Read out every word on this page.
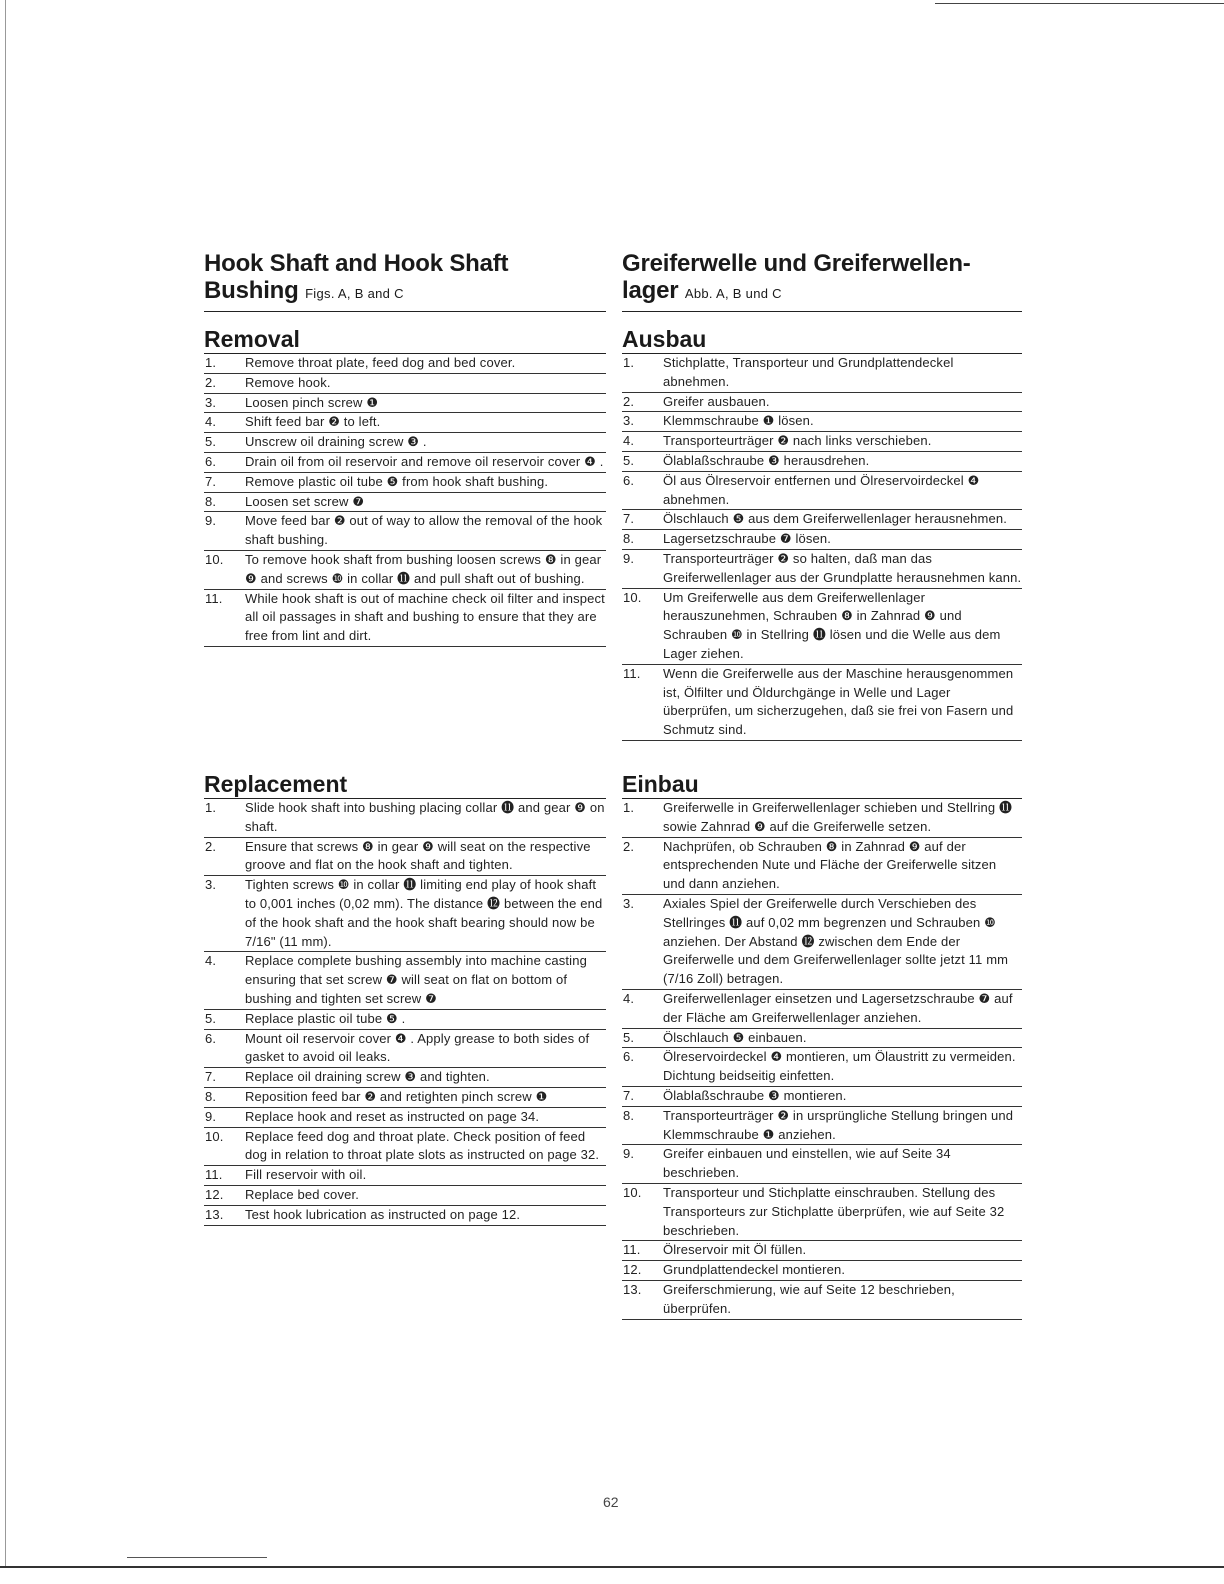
Hook Shaft and Hook Shaft
Bushing Figs. A, B and C
Removal
1.	Remove throat plate, feed dog and bed cover.
2.	Remove hook.
3.	Loosen pinch screw ❶
4.	Shift feed bar ❷ to left.
5.	Unscrew oil draining screw ❸ .
6.	Drain oil from oil reservoir and remove oil reservoir cover ❹ .
7.	Remove plastic oil tube ❺ from hook shaft bushing.
8.	Loosen set screw ❼
9.	Move feed bar ❷ out of way to allow the removal of the hook shaft bushing.
10.	To remove hook shaft from bushing loosen screws ❽ in gear ❾ and screws ❿ in collar ⓫ and pull shaft out of bushing.
11.	While hook shaft is out of machine check oil filter and inspect all oil passages in shaft and bushing to ensure that they are free from lint and dirt.
Replacement
1.	Slide hook shaft into bushing placing collar ⓫ and gear ❾ on shaft.
2.	Ensure that screws ❽ in gear ❾ will seat on the respective groove and flat on the hook shaft and tighten.
3.	Tighten screws ❿ in collar ⓫ limiting end play of hook shaft to 0,001 inches (0,02 mm). The distance ⓬ between the end of the hook shaft and the hook shaft bearing should now be 7/16" (11 mm).
4.	Replace complete bushing assembly into machine casting ensuring that set screw ❼ will seat on flat on bottom of bushing and tighten set screw ❼
5.	Replace plastic oil tube ❺ .
6.	Mount oil reservoir cover ❹ . Apply grease to both sides of gasket to avoid oil leaks.
7.	Replace oil draining screw ❸ and tighten.
8.	Reposition feed bar ❷ and retighten pinch screw ❶
9.	Replace hook and reset as instructed on page 34.
10.	Replace feed dog and throat plate. Check position of feed dog in relation to throat plate slots as instructed on page 32.
11.	Fill reservoir with oil.
12.	Replace bed cover.
13.	Test hook lubrication as instructed on page 12.
Greiferwelle und Greiferwellen-
lager Abb. A, B und C
Ausbau
1.	Stichplatte, Transporteur und Grundplattendeckel abnehmen.
2.	Greifer ausbauen.
3.	Klemmschraube ❶ lösen.
4.	Transporteurträger ❷ nach links verschieben.
5.	Ölablaßschraube ❸ herausdrehen.
6.	Öl aus Ölreservoir entfernen und Ölreservoirdeckel ❹ abnehmen.
7.	Ölschlauch ❺ aus dem Greiferwellenlager herausnehmen.
8.	Lagersetzschraube ❼ lösen.
9.	Transporteurträger ❷ so halten, daß man das Greiferwellenlager aus der Grundplatte herausnehmen kann.
10.	Um Greiferwelle aus dem Greiferwellenlager herauszunehmen, Schrauben ❽ in Zahnrad ❾ und Schrauben ❿ in Stellring ⓫ lösen und die Welle aus dem Lager ziehen.
11.	Wenn die Greiferwelle aus der Maschine herausgenommen ist, Ölfilter und Öldurchgänge in Welle und Lager überprüfen, um sicherzugehen, daß sie frei von Fasern und Schmutz sind.
Einbau
1.	Greiferwelle in Greiferwellenlager schieben und Stellring ⓫ sowie Zahnrad ❾ auf die Greiferwelle setzen.
2.	Nachprüfen, ob Schrauben ❽ in Zahnrad ❾ auf der entsprechenden Nute und Fläche der Greiferwelle sitzen und dann anziehen.
3.	Axiales Spiel der Greiferwelle durch Verschieben des Stellringes ⓫ auf 0,02 mm begrenzen und Schrauben ❿ anziehen. Der Abstand ⓬ zwischen dem Ende der Greiferwelle und dem Greiferwellenlager sollte jetzt 11 mm (7/16 Zoll) betragen.
4.	Greiferwellenlager einsetzen und Lagersetzschraube ❼ auf der Fläche am Greiferwellenlager anziehen.
5.	Ölschlauch ❺ einbauen.
6.	Ölreservoirdeckel ❹ montieren, um Ölaustritt zu vermeiden. Dichtung beidseitig einfetten.
7.	Ölablaßschraube ❸ montieren.
8.	Transporteurträger ❷ in ursprüngliche Stellung bringen und Klemmschraube ❶ anziehen.
9.	Greifer einbauen und einstellen, wie auf Seite 34 beschrieben.
10.	Transporteur und Stichplatte einschrauben. Stellung des Transporteurs zur Stichplatte überprüfen, wie auf Seite 32 beschrieben.
11.	Ölreservoir mit Öl füllen.
12.	Grundplattendeckel montieren.
13.	Greiferschmierung, wie auf Seite 12 beschrieben, überprüfen.
62
